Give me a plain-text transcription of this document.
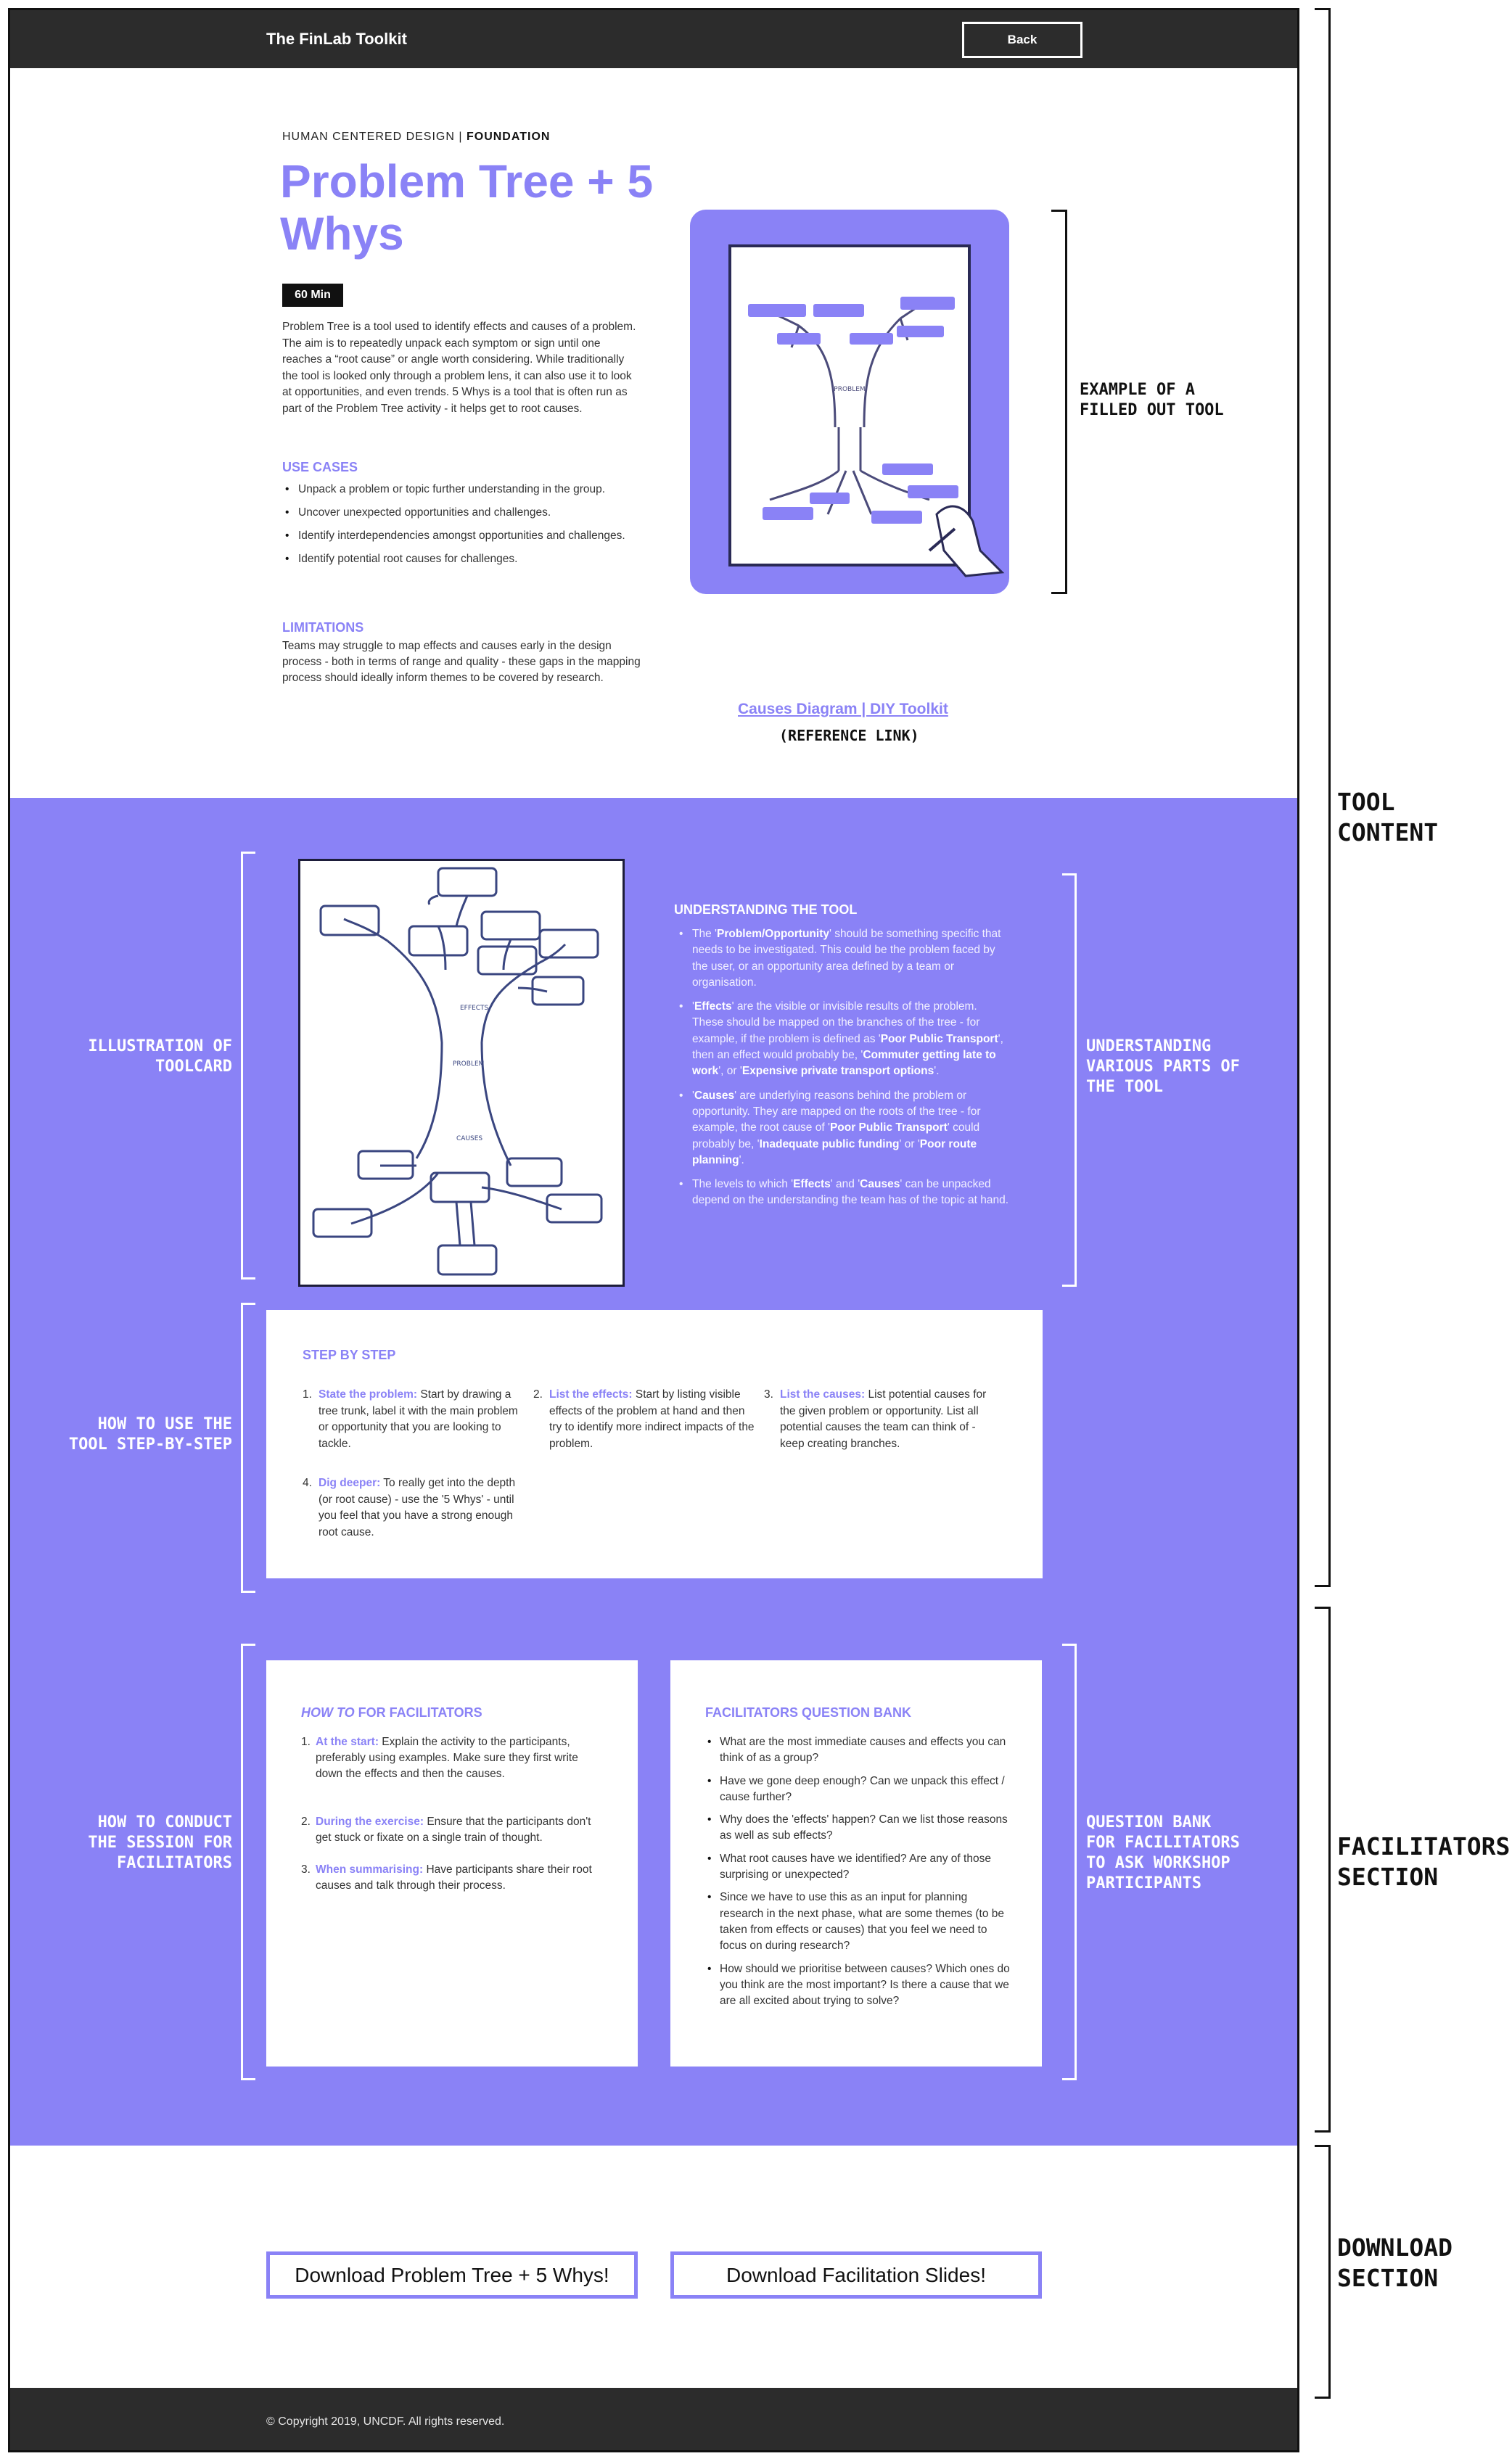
The FinLab Toolkit	Back
HUMAN CENTERED DESIGN | FOUNDATION
Problem Tree + 5 Whys
60 Min

Problem Tree is a tool used to identify effects and causes of a problem. The aim is to repeatedly unpack each symptom or sign until one reaches a “root cause” or angle worth considering. While traditionally the tool is looked only through a problem lens, it can also use it to look at opportunities, and even trends. 5 Whys is a tool that is often run as part of the Problem Tree activity - it helps get to root causes.

USE CASES
• Unpack a problem or topic further understanding in the group.
• Uncover unexpected opportunities and challenges.
• Identify interdependencies amongst opportunities and challenges.
• Identify potential root causes for challenges.
LIMITATIONS

Teams may struggle to map effects and causes early in the design process - both in terms of range and quality - these gaps in the mapping process should ideally inform themes to be covered by research.

PROBLEM
Causes Diagram | DIY Toolkit
(REFERENCE LINK)
EFFECTS
PROBLEM
CAUSES
UNDERSTANDING THE TOOL
• The 'Problem/Opportunity' should be something specific that needs to be investigated. This could be the problem faced by the user, or an opportunity area defined by a team or organisation.
• 'Effects' are the visible or invisible results of the problem. These should be mapped on the branches of the tree - for example, if the problem is defined as 'Poor Public Transport', then an effect would probably be, 'Commuter getting late to work', or 'Expensive private transport options'.
• 'Causes' are underlying reasons behind the problem or opportunity. They are mapped on the roots of the tree - for example, the root cause of 'Poor Public Transport' could probably be, 'Inadequate public funding' or 'Poor route planning'.
• The levels to which 'Effects' and 'Causes' can be unpacked depend on the understanding the team has of the topic at hand.
STEP BY STEP
1. State the problem: Start by drawing a tree trunk, label it with the main problem or opportunity that you are looking to tackle.
2. List the effects: Start by listing visible effects of the problem at hand and then try to identify more indirect impacts of the problem.
3. List the causes: List potential causes for the given problem or opportunity. List all potential causes the team can think of - keep creating branches.
4. Dig deeper: To really get into the depth (or root cause) - use the '5 Whys' - until you feel that you have a strong enough root cause.
HOW TO FOR FACILITATORS
1. At the start: Explain the activity to the participants, preferably using examples. Make sure they first write down the effects and then the causes.
2. During the exercise: Ensure that the participants don't get stuck or fixate on a single train of thought.
3. When summarising: Have participants share their root causes and talk through their process.
FACILITATORS QUESTION BANK
• What are the most immediate causes and effects you can think of as a group?
• Have we gone deep enough? Can we unpack this effect / cause further?
• Why does the 'effects' happen? Can we list those reasons as well as sub effects?
• What root causes have we identified? Are any of those surprising or unexpected?
• Since we have to use this as an input for planning research in the next phase, what are some themes (to be taken from effects or causes) that you feel we need to focus on during research?
• How should we prioritise between causes? Which ones do you think are the most important? Is there a cause that we are all excited about trying to solve?
EXAMPLE OF A
FILLED OUT TOOL
ILLUSTRATION OF
TOOLCARD
UNDERSTANDING
VARIOUS PARTS OF
THE TOOL
HOW TO USE THE
TOOL STEP-BY-STEP
HOW TO CONDUCT
THE SESSION FOR
FACILITATORS
QUESTION BANK
FOR FACILITATORS
TO ASK WORKSHOP
PARTICIPANTS
Download Problem Tree + 5 Whys!	Download Facilitation Slides!
© Copyright 2019, UNCDF. All rights reserved.
TOOL
CONTENT
FACILITATORS
SECTION
DOWNLOAD
SECTION
